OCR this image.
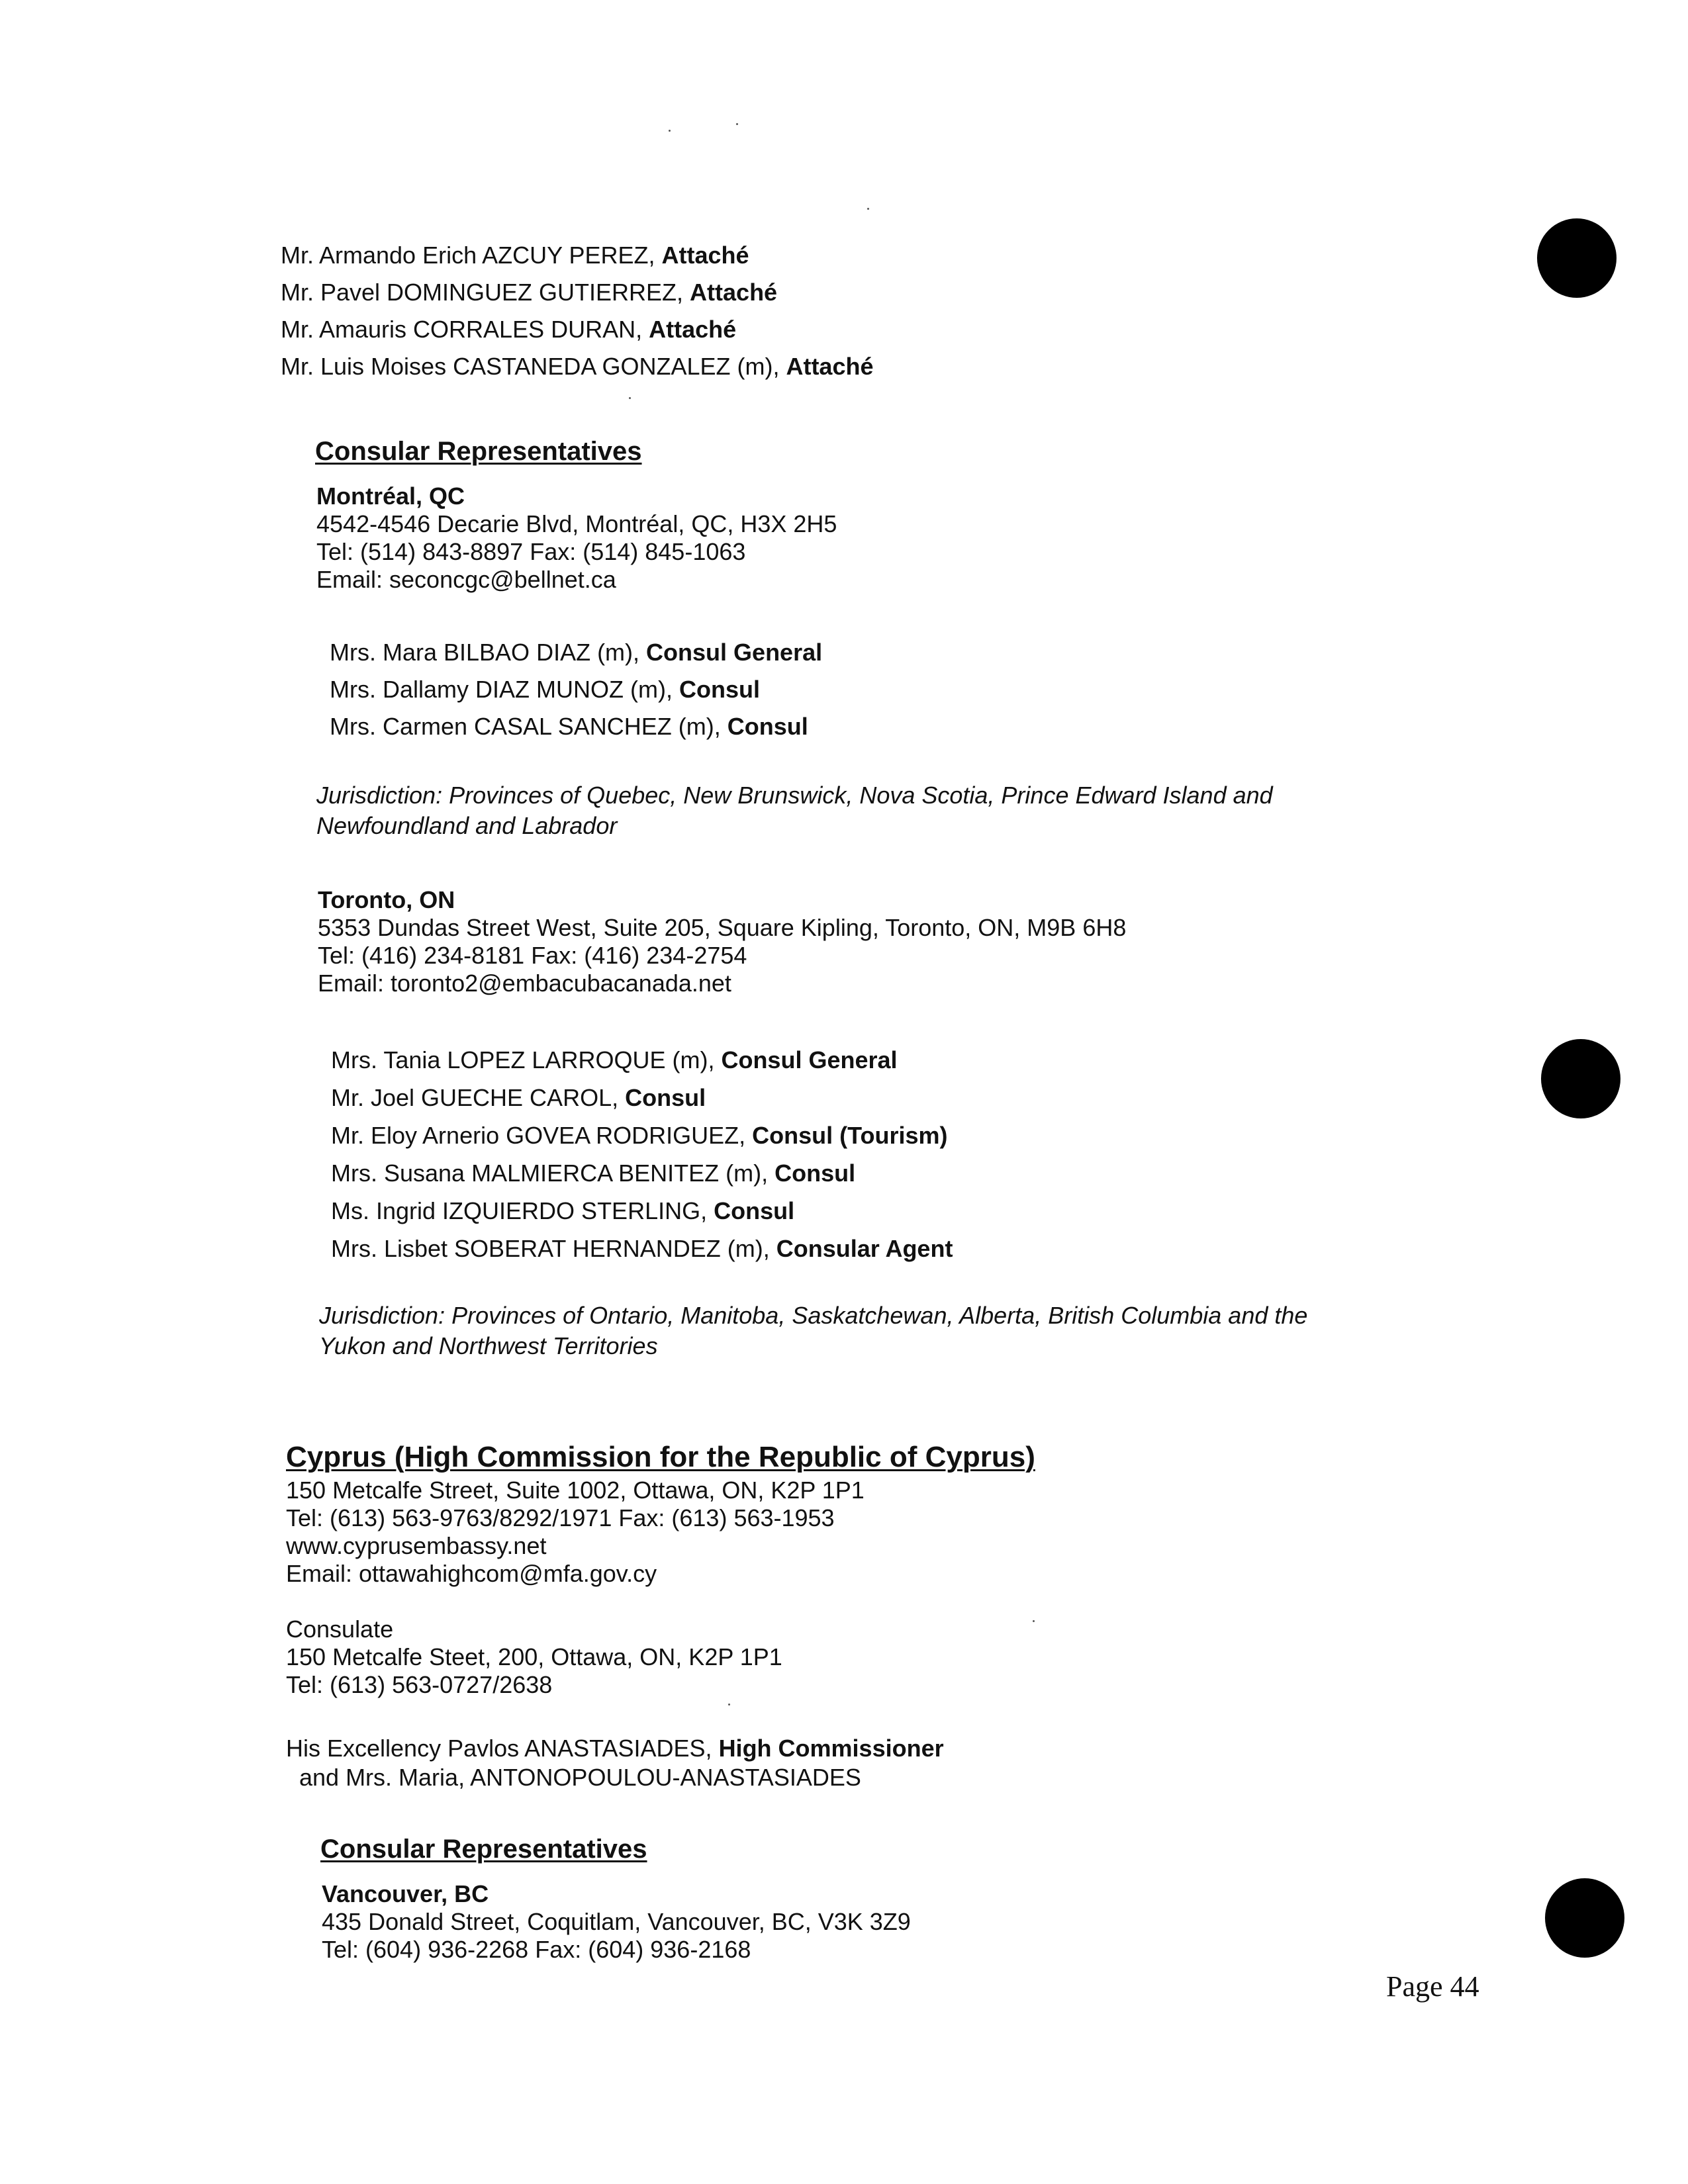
Mr. Armando Erich AZCUY PEREZ, Attaché

Mr. Pavel DOMINGUEZ GUTIERREZ, Attaché

Mr. Amauris CORRALES DURAN, Attaché

Mr. Luis Moises CASTANEDA GONZALEZ (m), Attaché

Consular Representatives

Montréal, QC

4542-4546 Decarie Blvd, Montréal, QC, H3X 2H5

Tel: (514) 843-8897 Fax: (514) 845-1063

Email: seconcgc@bellnet.ca

Mrs. Mara BILBAO DIAZ (m), Consul General

Mrs. Dallamy DIAZ MUNOZ (m), Consul

Mrs. Carmen CASAL SANCHEZ (m), Consul

Jurisdiction: Provinces of Quebec, New Brunswick, Nova Scotia, Prince Edward Island and

Newfoundland and Labrador

Toronto, ON

5353 Dundas Street West, Suite 205, Square Kipling, Toronto, ON, M9B 6H8

Tel: (416) 234-8181 Fax: (416) 234-2754

Email: toronto2@embacubacanada.net

Mrs. Tania LOPEZ LARROQUE (m), Consul General

Mr. Joel GUECHE CAROL, Consul

Mr. Eloy Arnerio GOVEA RODRIGUEZ, Consul (Tourism)

Mrs. Susana MALMIERCA BENITEZ (m), Consul

Ms. Ingrid IZQUIERDO STERLING, Consul

Mrs. Lisbet SOBERAT HERNANDEZ (m), Consular Agent

Jurisdiction: Provinces of Ontario, Manitoba, Saskatchewan, Alberta, British Columbia and the

Yukon and Northwest Territories

Cyprus (High Commission for the Republic of Cyprus)

150 Metcalfe Street, Suite 1002, Ottawa, ON, K2P 1P1

Tel: (613) 563-9763/8292/1971 Fax: (613) 563-1953

www.cyprusembassy.net

Email: ottawahighcom@mfa.gov.cy

Consulate

150 Metcalfe Steet, 200, Ottawa, ON, K2P 1P1

Tel: (613) 563-0727/2638

His Excellency Pavlos ANASTASIADES, High Commissioner

and Mrs. Maria, ANTONOPOULOU-ANASTASIADES

Consular Representatives

Vancouver, BC

435 Donald Street, Coquitlam, Vancouver, BC, V3K 3Z9

Tel: (604) 936-2268 Fax: (604) 936-2168

Page 44
